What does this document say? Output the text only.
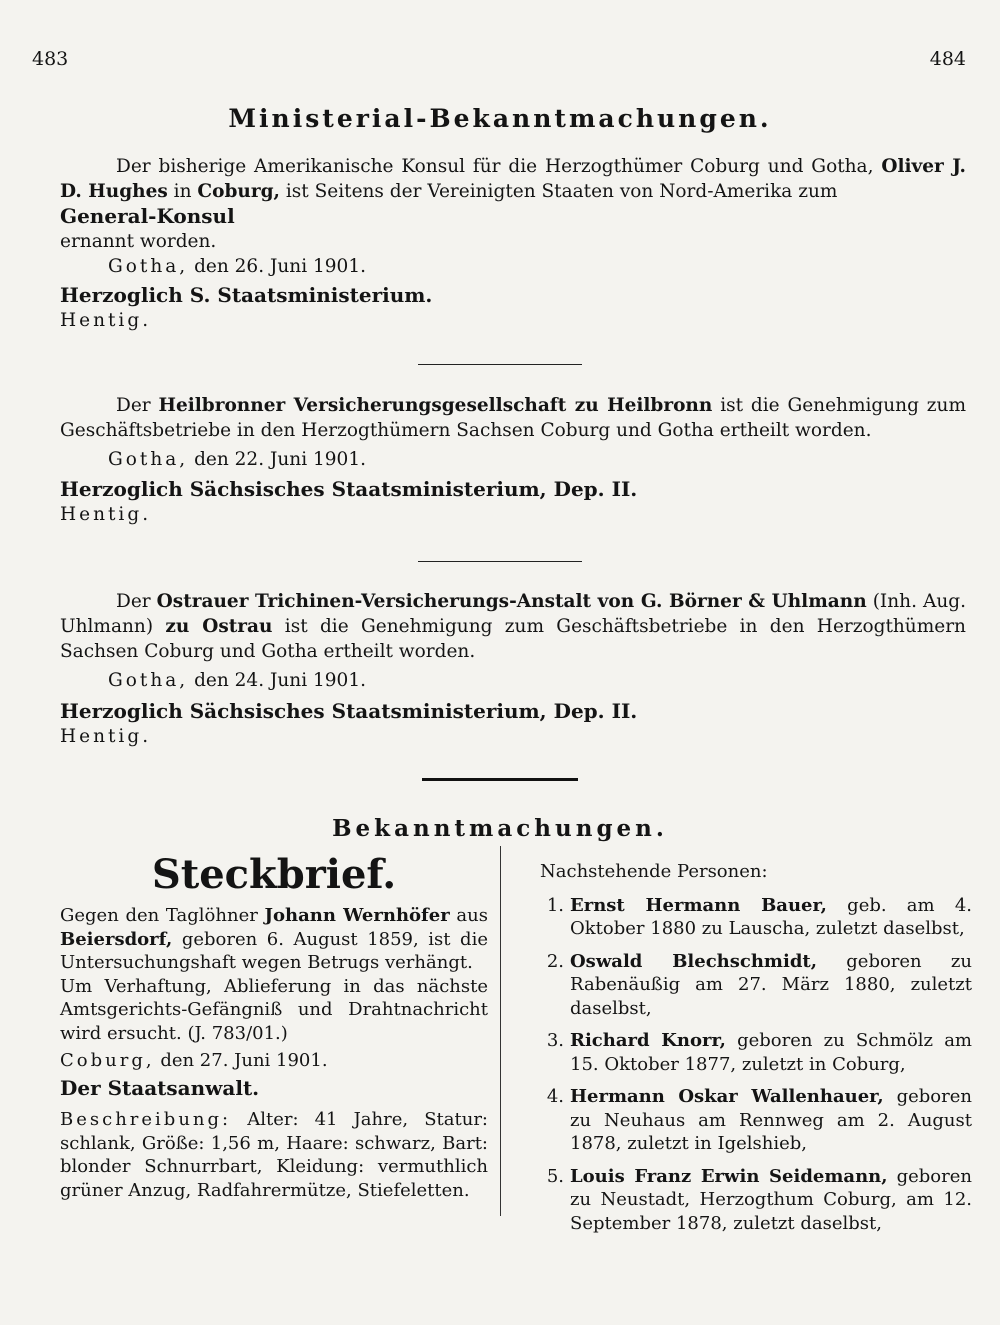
483	484
Ministerial-Bekanntmachungen.

Der bisherige Amerikanische Konsul für die Herzogthümer Coburg und Gotha, Oliver J. D. Hughes in Coburg, ist Seitens der Vereinigten Staaten von Nord-Amerika zum

General-Konsul

ernannt worden.

Gotha, den 26. Juni 1901.

Herzoglich S. Staatsministerium.

Hentig.

Der Heilbronner Versicherungsgesellschaft zu Heilbronn ist die Genehmigung zum Geschäftsbetriebe in den Herzogthümern Sachsen Coburg und Gotha ertheilt worden.

Gotha, den 22. Juni 1901.

Herzoglich Sächsisches Staatsministerium, Dep. II.

Hentig.

Der Ostrauer Trichinen-Versicherungs-Anstalt von G. Börner & Uhlmann (Inh. Aug. Uhlmann) zu Ostrau ist die Genehmigung zum Geschäftsbetriebe in den Herzogthümern Sachsen Coburg und Gotha ertheilt worden.

Gotha, den 24. Juni 1901.

Herzoglich Sächsisches Staatsministerium, Dep. II.

Hentig.

Bekanntmachungen.
Steckbrief.

Gegen den Taglöhner Johann Wernhöfer aus Beiersdorf, geboren 6. August 1859, ist die Untersuchungshaft wegen Betrugs verhängt.

Um Verhaftung, Ablieferung in das nächste Amtsgerichts-Gefängniß und Drahtnachricht wird ersucht. (J. 783/01.)

Coburg, den 27. Juni 1901.

Der Staatsanwalt.

Beschreibung: Alter: 41 Jahre, Statur: schlank, Größe: 1,56 m, Haare: schwarz, Bart: blonder Schnurrbart, Kleidung: vermuthlich grüner Anzug, Radfahrermütze, Stiefeletten.

Nachstehende Personen:

1. Ernst Hermann Bauer, geb. am 4. Oktober 1880 zu Lauscha, zuletzt daselbst,
2. Oswald Blechschmidt, geboren zu Rabenäußig am 27. März 1880, zuletzt daselbst,
3. Richard Knorr, geboren zu Schmölz am 15. Oktober 1877, zuletzt in Coburg,
4. Hermann Oskar Wallenhauer, geboren zu Neuhaus am Rennweg am 2. August 1878, zuletzt in Igelshieb,
5. Louis Franz Erwin Seidemann, geboren zu Neustadt, Herzogthum Coburg, am 12. September 1878, zuletzt daselbst,
